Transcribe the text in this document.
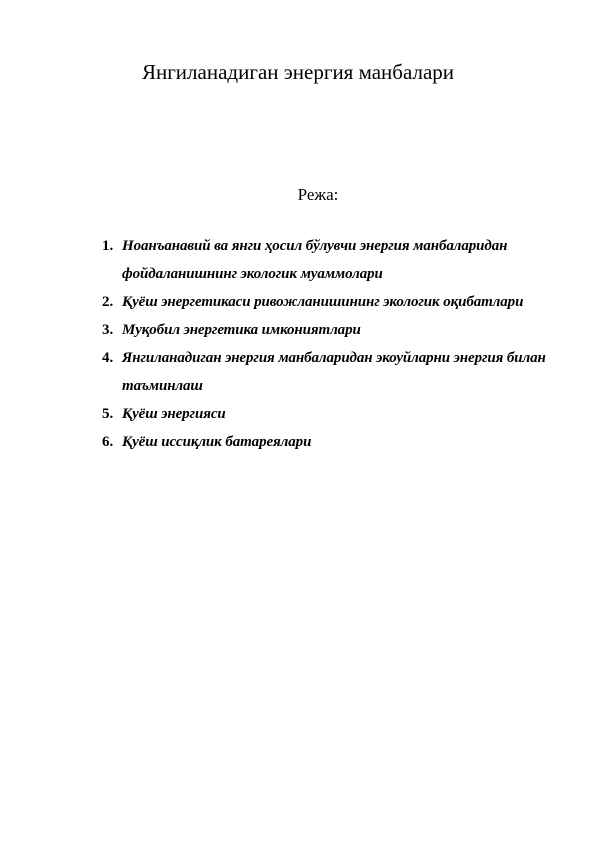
Янгиланадиган энергия манбалари

Режа:

1. Ноанъанавий ва янги ҳосил бўлувчи энергия манбаларидан фойдаланишнинг экологик муаммолари
2. Қуёш энергетикаси ривожланишининг экологик оқибатлари
3. Муқобил энергетика имкониятлари
4. Янгиланадиган энергия манбаларидан экоуйларни энергия билан таъминлаш
5. Қуёш энергияси
6. Қуёш иссиқлик батареялари
